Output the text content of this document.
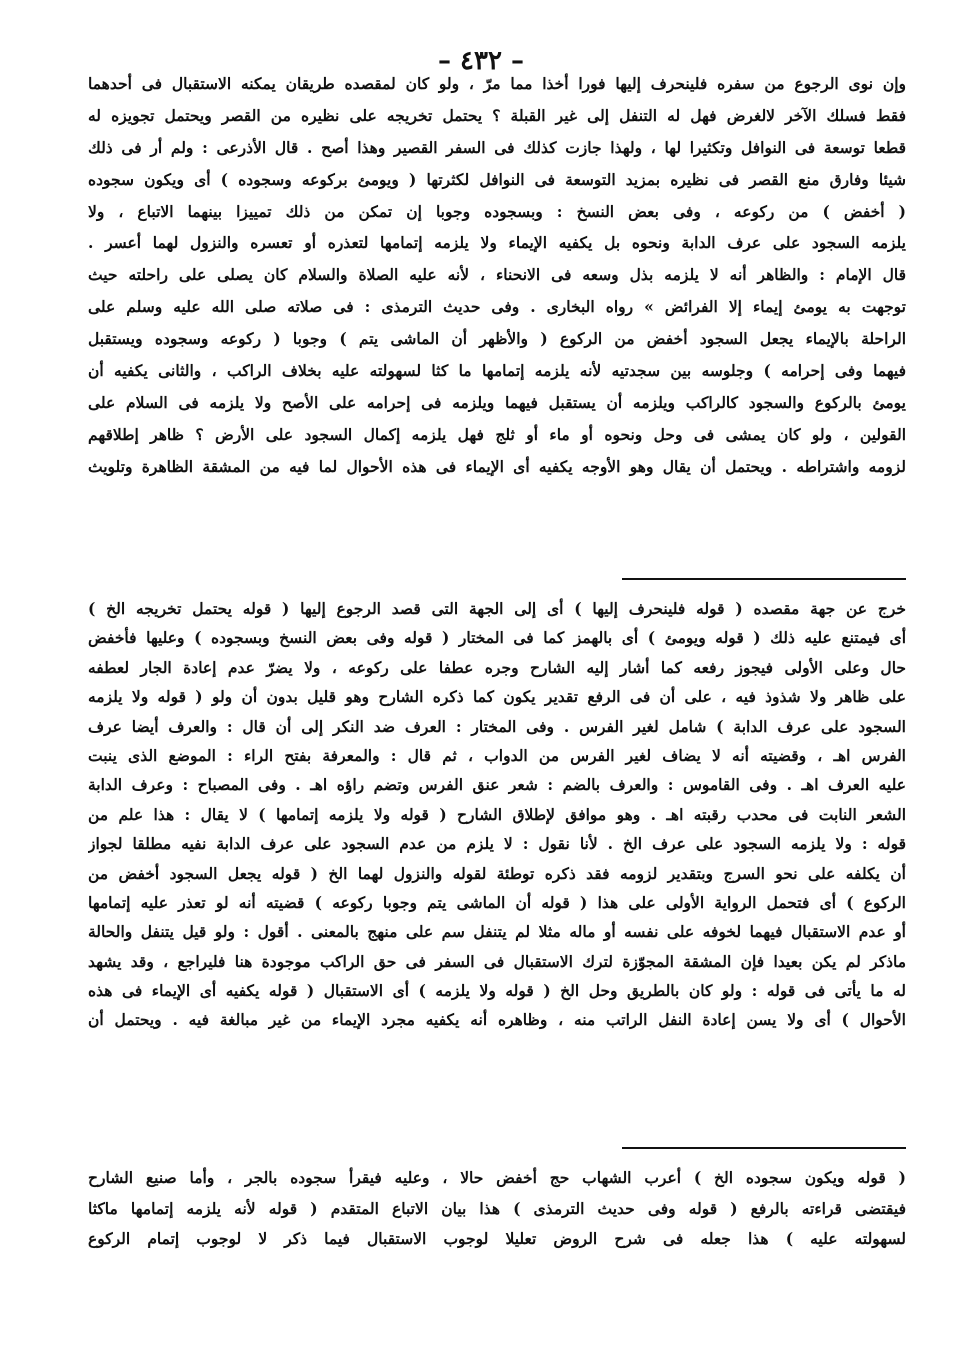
– ٤٣٢ –
وإن نوى الرجوع من سفره فلينحرف إليها فورا أخذا مما مرّ ، ولو كان لمقصده طريقان يمكنه الاستقبال فى أحدهما
فقط فسلك الآخر لالغرض فهل له التنفل إلى غير القبلة ؟ يحتمل تخريجه على نظيره من القصر ويحتمل تجويزه له
قطعا توسعة فى النوافل وتكثيرا لها ، ولهذا جازت كذلك فى السفر القصير وهذا أصح . قال الأذرعى : ولم أر فى ذلك
شيئا وفارق منع القصر فى نظيره بمزيد التوسعة فى النوافل لكثرتها ( ويومئ بركوعه وسجوده ) أى ويكون سجوده
( أخفض ) من ركوعه ، وفى بعض النسخ : وبسجوده وجوبا إن تمكن من ذلك تمييزا بينهما الاتباع ، ولا
يلزمه السجود على عرف الدابة ونحوه بل يكفيه الإيماء ولا يلزمه إتمامها لتعذره أو تعسره والنزول لهما أعسر .
قال الإمام : والظاهر أنه لا يلزمه بذل وسعه فى الانحناء ، لأنه عليه الصلاة والسلام كان يصلى على راحلته حيث
توجهت به يومئ إيماء إلا الفرائض » رواه البخارى . وفى حديث الترمذى : فى صلاته صلى الله عليه وسلم على
الراحلة بالإيماء يجعل السجود أخفض من الركوع ( والأظهر أن الماشى يتم ) وجوبا ( ركوعه وسجوده ويستقبل
فيهما وفى إحرامه ) وجلوسه بين سجدتيه لأنه يلزمه إتمامها ما كثا لسهولته عليه بخلاف الراكب ، والثانى يكفيه أن
يومئ بالركوع والسجود كالراكب ويلزمه أن يستقبل فيهما ويلزمه فى إحرامه على الأصح ولا يلزمه فى السلام على
القولين ، ولو كان يمشى فى وحل ونحوه أو ماء أو ثلج فهل يلزمه إكمال السجود على الأرض ؟ ظاهر إطلاقهم
لزومه واشتراطه . ويحتمل أن يقال وهو الأوجه يكفيه أى الإيماء فى هذه الأحوال لما فيه من المشقة الظاهرة وتلويث
خرج عن جهة مقصده ( قوله فلينحرف إليها ) أى إلى الجهة التى قصد الرجوع إليها ( قوله يحتمل تخريجه الخ )
أى فيمتنع عليه ذلك ( قوله ويومئ ) أى بالهمز كما فى المختار ( قوله وفى بعض النسخ وبسجوده ) وعليها فأخفض
حال وعلى الأولى فيجوز رفعه كما أشار إليه الشارح وجره عطفا على ركوعه ، ولا يضرّ عدم إعادة الجار لعطفه
على ظاهر ولا شذوذ فيه ، على أن فى الرفع تقدير يكون كما ذكره الشارح وهو قليل بدون أن ولو ( قوله ولا يلزمه
السجود على عرف الدابة ) شامل لغير الفرس . وفى المختار : العرف ضد النكر إلى أن قال : والعرف أيضا عرف
الفرس اهـ ، وقضيته أنه لا يضاف لغير الفرس من الدواب ، ثم قال : والمعرفة بفتح الراء : الموضع الذى ينبت
عليه العرف اهـ . وفى القاموس : والعرف بالضم : شعر عنق الفرس وتضم راؤه اهـ . وفى المصباح : وعرف الدابة
الشعر النابت فى محدب رقبته اهـ . وهو موافق لإطلاق الشارح ( قوله ولا يلزمه إتمامها ) لا يقال : هذا علم من
قوله : ولا يلزمه السجود على عرف الخ . لأنا نقول : لا يلزم من عدم السجود على عرف الدابة نفيه مطلقا لجواز
أن يكلفه على نحو السرج وبتقدير لزومه فقد ذكره توطئة لقوله والنزول لهما الخ ( قوله يجعل السجود أخفض من
الركوع ) أى فتحمل الرواية الأولى على هذا ( قوله أن الماشى يتم وجوبا ركوعه ) قضيته أنه لو تعذر عليه إتمامها
أو عدم الاستقبال فيهما لخوفه على نفسه أو ماله مثلا لم يتنفل سم على منهج بالمعنى . أقول : ولو قيل يتنفل والحالة
ماذكر لم يكن بعيدا فإن المشقة المجوّزة لترك الاستقبال فى السفر فى حق الراكب موجودة هنا فليراجع ، وقد يشهد
له ما يأتى فى قوله : ولو كان بالطريق وحل الخ ( قوله ولا يلزمه ) أى الاستقبال ( قوله يكفيه أى الإيماء فى هذه
الأحوال ) أى ولا يسن إعادة النفل الراتب منه ، وظاهره أنه يكفيه مجرد الإيماء من غير مبالغة فيه . ويحتمل أن
( قوله ويكون سجوده الخ ) أعرب الشهاب حج أخفض حالا ، وعليه فيقرأ سجوده بالجر ، وأما صنيع الشارح
فيقتضى قراءته بالرفع ( قوله وفى حديث الترمذى ) هذا بيان الاتباع المتقدم ( قوله لأنه يلزمه إتمامها ماكثا
لسهولته عليه ) هذا جعله فى شرح الروض تعليلا لوجوب الاستقبال فيما ذكر لا لوجوب إتمام الركوع
